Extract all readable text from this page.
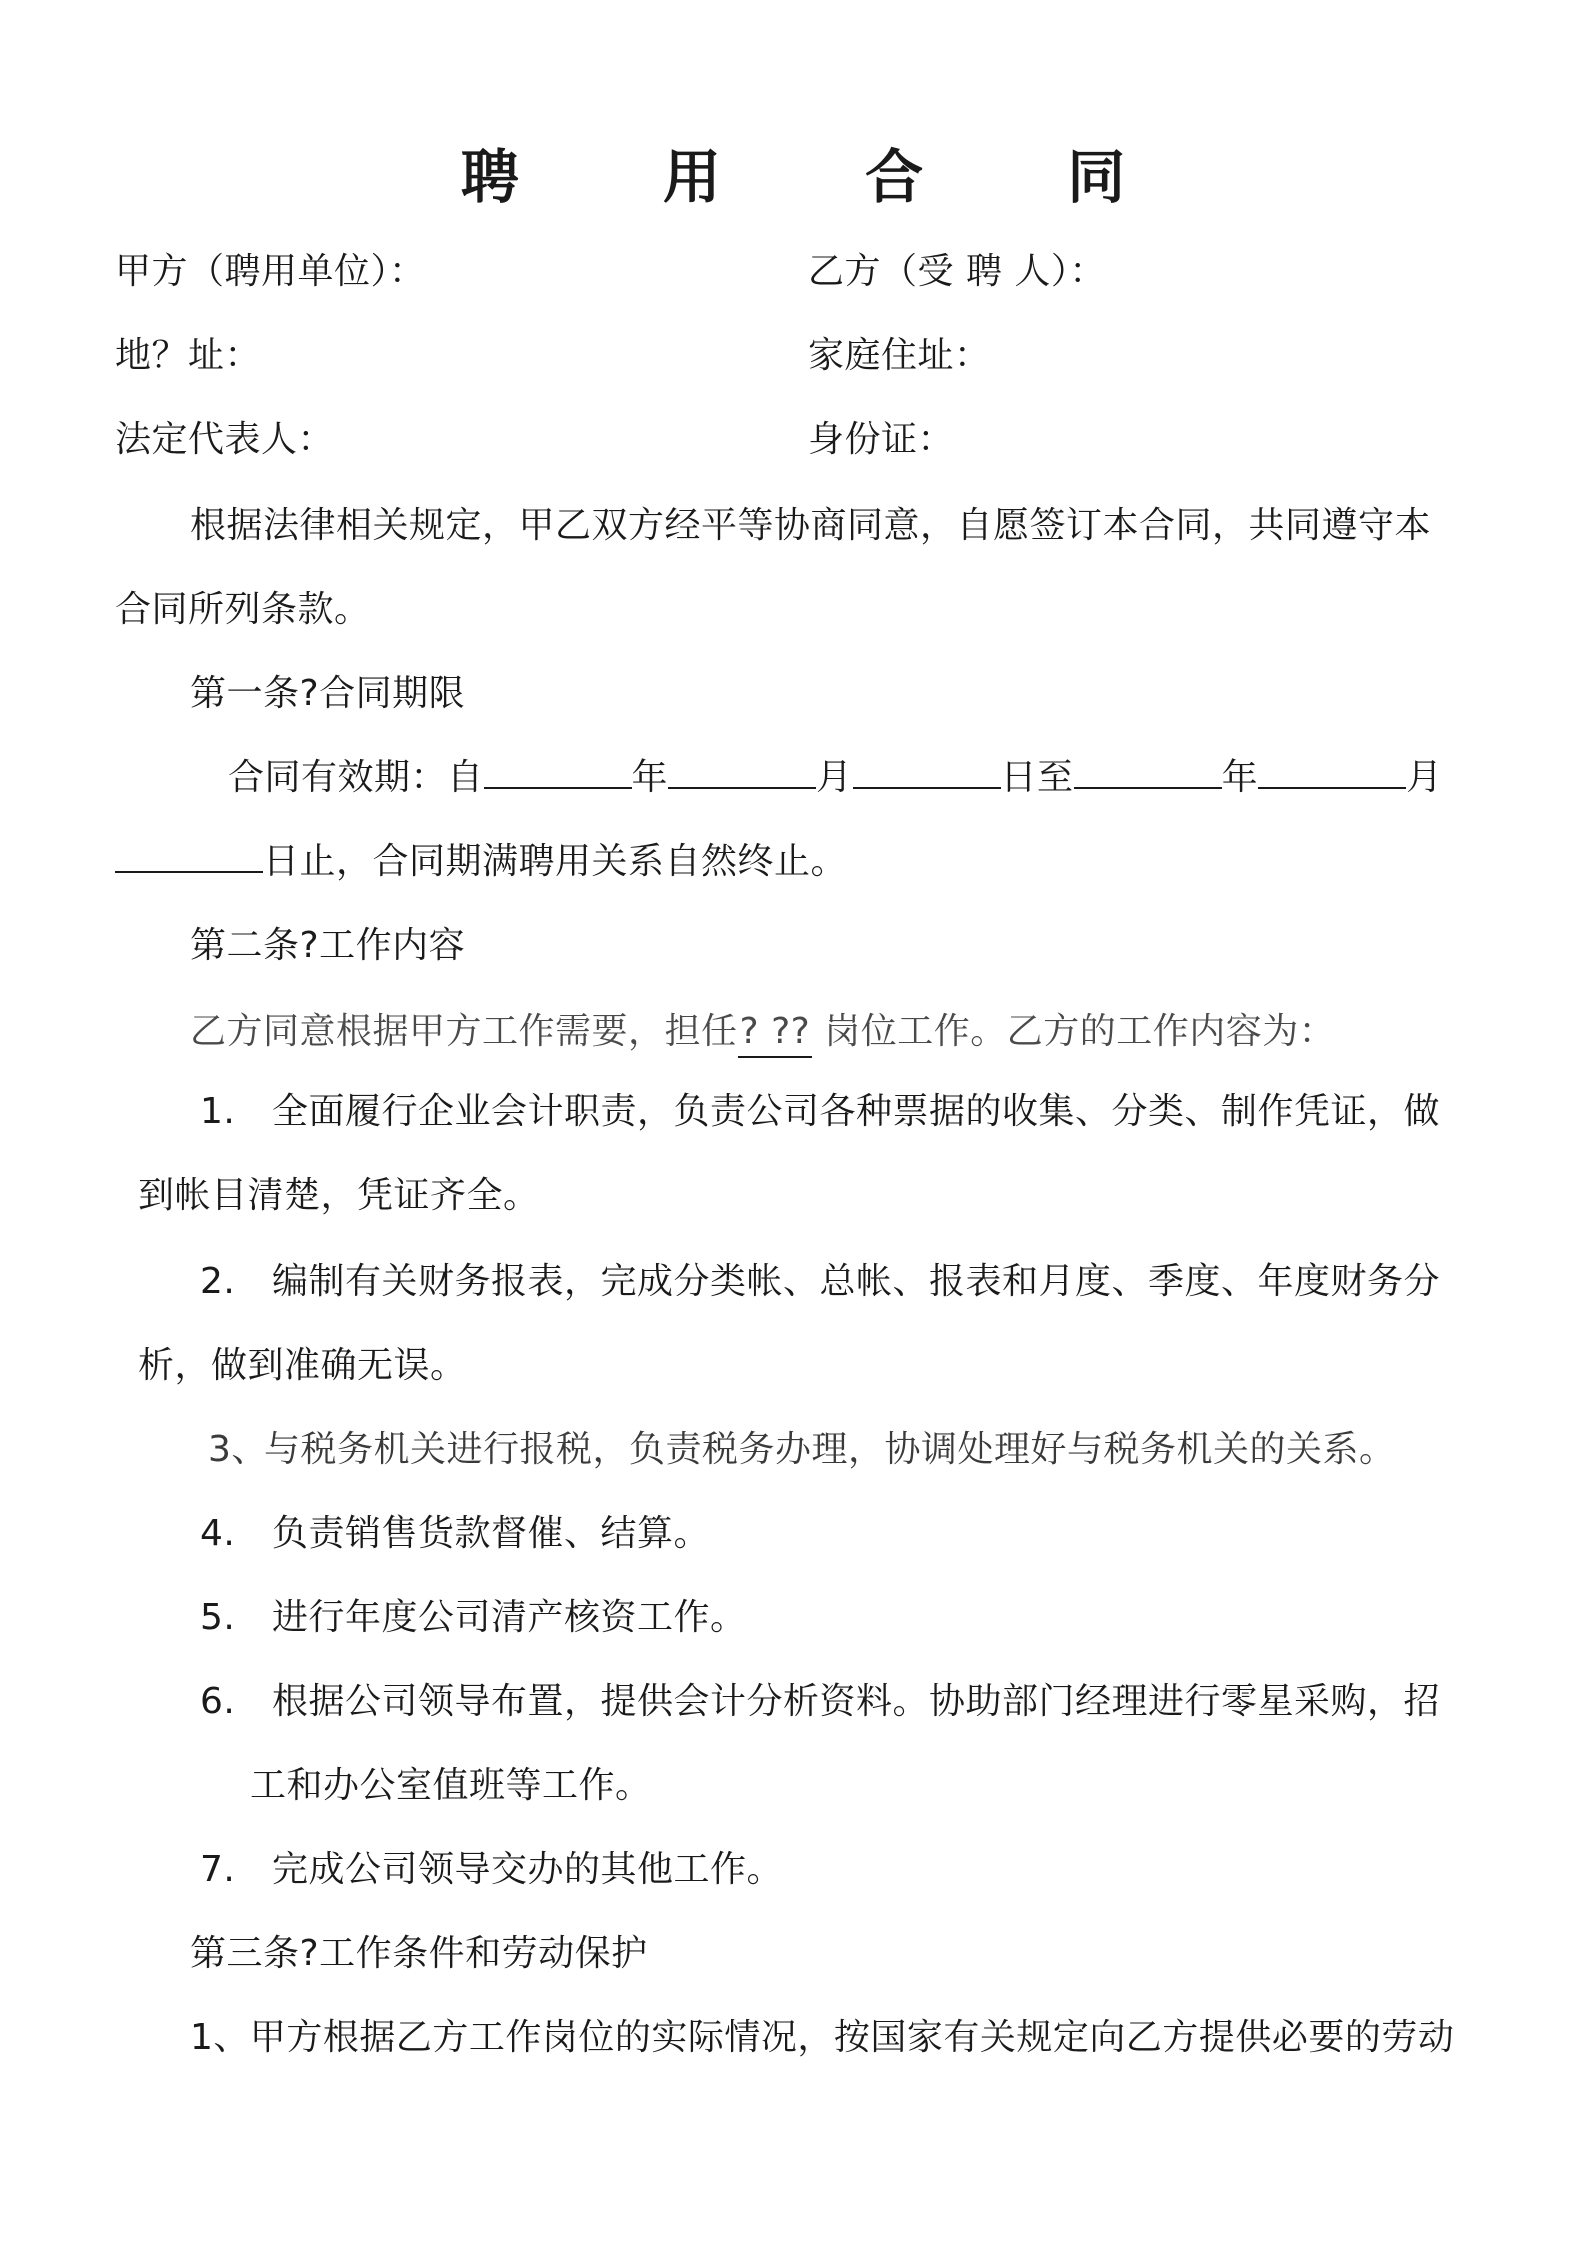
聘 用 合 同
甲方（聘用单位）：	乙方（受 聘 人）：
地？址：	家庭住址：
法定代表人：	身份证：
根据法律相关规定，甲乙双方经平等协商同意，自愿签订本合同，共同遵守本
合同所列条款。
第一条?合同期限
合同有效期：自	年	月	日至	年	月
日止，合同期满聘用关系自然终止。
第二条?工作内容
乙方同意根据甲方工作需要，担任? ?? 岗位工作。乙方的工作内容为：
1. 全面履行企业会计职责，负责公司各种票据的收集、分类、制作凭证，做
到帐目清楚，凭证齐全。
2. 编制有关财务报表，完成分类帐、总帐、报表和月度、季度、年度财务分
析，做到准确无误。
3、
与税务机关进行报税，负责税务办理，协调处理好与税务机关的关系。
4. 负责销售货款督催、结算。
5. 进行年度公司清产核资工作。
6. 根据公司领导布置，提供会计分析资料。协助部门经理进行零星采购，招
工和办公室值班等工作。
7. 完成公司领导交办的其他工作。
第三条?工作条件和劳动保护
1、甲方根据乙方工作岗位的实际情况，按国家有关规定向乙方提供必要的劳动
